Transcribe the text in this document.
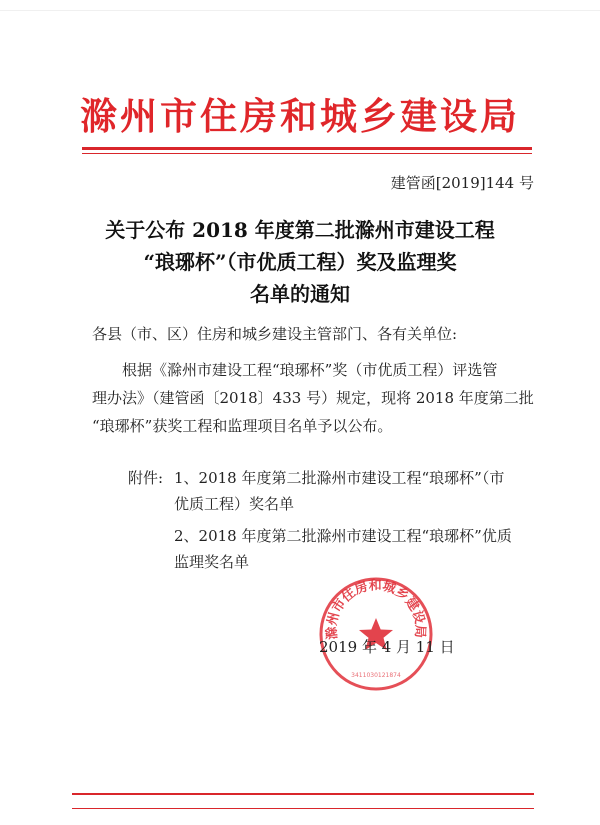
滁州市住房和城乡建设局
建管函[2019]144 号
关于公布 2018 年度第二批滁州市建设工程
“琅琊杯”（市优质工程）奖及监理奖
名单的通知
各县（市、区）住房和城乡建设主管部门、各有关单位:
根据《滁州市建设工程“琅琊杯”奖（市优质工程）评选管
理办法》（建管函〔2018〕433 号）规定，现将 2018 年度第二批
“琅琊杯”获奖工程和监理项目名单予以公布。
附件: 1、2018 年度第二批滁州市建设工程“琅琊杯”（市
优质工程）奖名单
2、2018 年度第二批滁州市建设工程“琅琊杯”优质
监理奖名单
滁州市住房和城乡建设局
3411030121874
2019 年 4 月 11 日
